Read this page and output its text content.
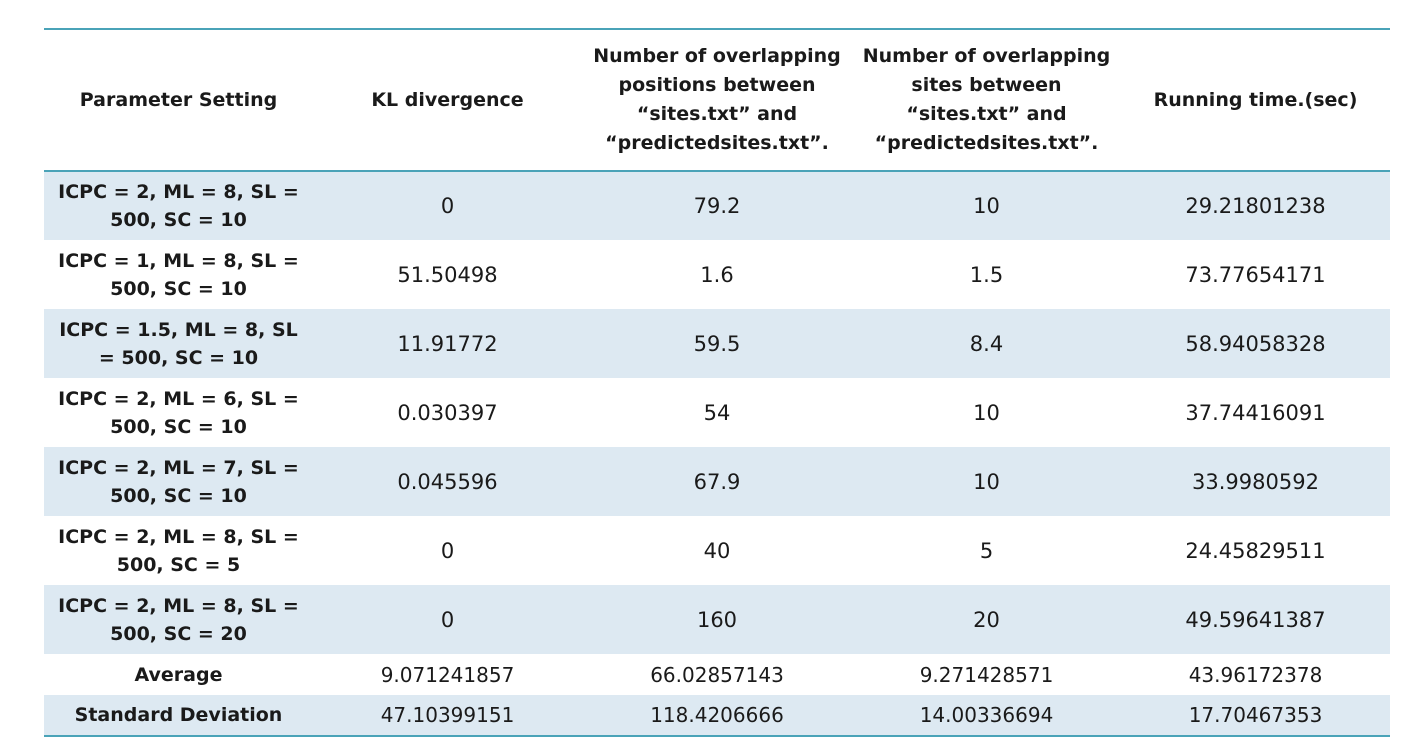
Parameter Setting	KL divergence	Number of overlapping positions between “sites.txt” and “predictedsites.txt”.	Number of overlapping sites between “sites.txt” and “predictedsites.txt”.	Running time.(sec)
ICPC = 2, ML = 8, SL = 500, SC = 10	0	79.2	10	29.21801238
ICPC = 1, ML = 8, SL = 500, SC = 10	51.50498	1.6	1.5	73.77654171
ICPC = 1.5, ML = 8, SL = 500, SC = 10	11.91772	59.5	8.4	58.94058328
ICPC = 2, ML = 6, SL = 500, SC = 10	0.030397	54	10	37.74416091
ICPC = 2, ML = 7, SL = 500, SC = 10	0.045596	67.9	10	33.9980592
ICPC = 2, ML = 8, SL = 500, SC = 5	0	40	5	24.45829511
ICPC = 2, ML = 8, SL = 500, SC = 20	0	160	20	49.59641387
Average	9.071241857	66.02857143	9.271428571	43.96172378
Standard Deviation	47.10399151	118.4206666	14.00336694	17.70467353
